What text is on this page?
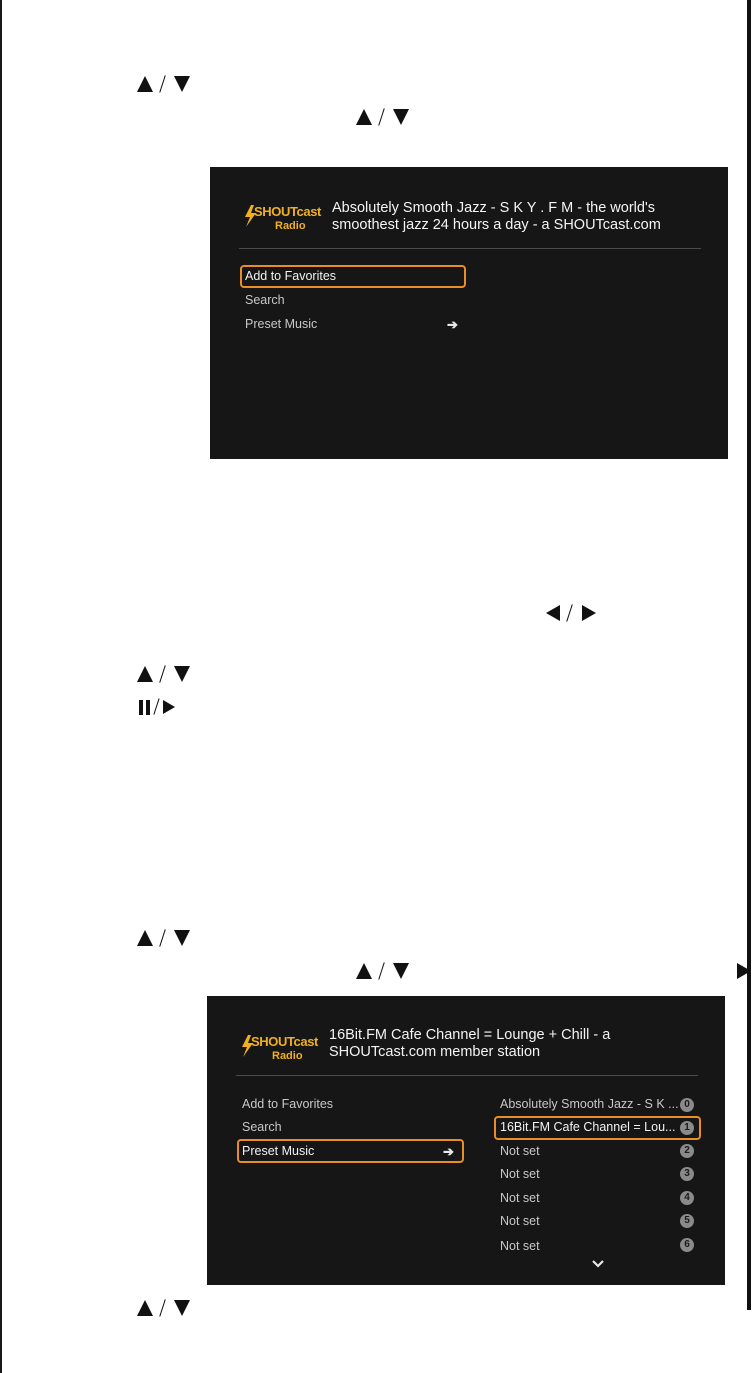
SHOUTcast
Radio
Absolutely Smooth Jazz - S K Y . F M - the world's
smoothest jazz 24 hours a day - a SHOUTcast.com
Add to Favorites
Search
Preset Music	➔
SHOUTcast
Radio
16Bit.FM Cafe Channel = Lounge + Chill - a
SHOUTcast.com member station
Add to Favorites
Search
Preset Music	➔
Absolutely Smooth Jazz - S K ... 0
16Bit.FM Cafe Channel = Lou... 1
Not set	2
Not set	3
Not set	4
Not set	5
Not set	6
